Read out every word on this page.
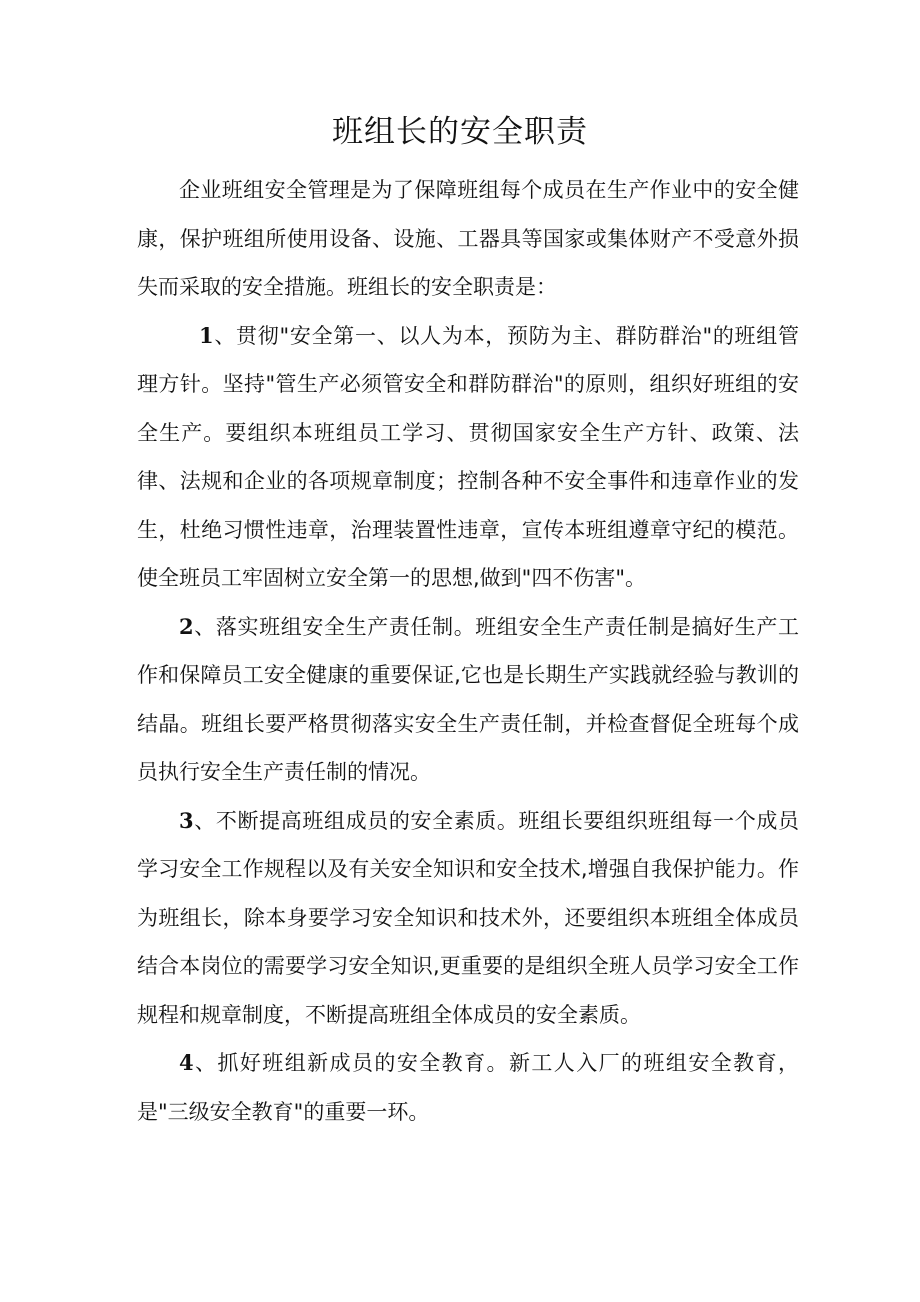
班组长的安全职责

企业班组安全管理是为了保障班组每个成员在生产作业中的安全健康，保护班组所使用设备、设施、工器具等国家或集体财产不受意外损失而采取的安全措施。班组长的安全职责是：

1、贯彻"安全第一、以人为本，预防为主、群防群治"的班组管理方针。坚持"管生产必须管安全和群防群治"的原则，组织好班组的安全生产。要组织本班组员工学习、贯彻国家安全生产方针、政策、法律、法规和企业的各项规章制度；控制各种不安全事件和违章作业的发生，杜绝习惯性违章，治理装置性违章，宣传本班组遵章守纪的模范。使全班员工牢固树立安全第一的思想,做到"四不伤害"。

2、落实班组安全生产责任制。班组安全生产责任制是搞好生产工作和保障员工安全健康的重要保证,它也是长期生产实践就经验与教训的结晶。班组长要严格贯彻落实安全生产责任制，并检查督促全班每个成员执行安全生产责任制的情况。

3、不断提高班组成员的安全素质。班组长要组织班组每一个成员学习安全工作规程以及有关安全知识和安全技术,增强自我保护能力。作为班组长，除本身要学习安全知识和技术外，还要组织本班组全体成员结合本岗位的需要学习安全知识,更重要的是组织全班人员学习安全工作规程和规章制度，不断提高班组全体成员的安全素质。

4、抓好班组新成员的安全教育。新工人入厂的班组安全教育，是"三级安全教育"的重要一环。
